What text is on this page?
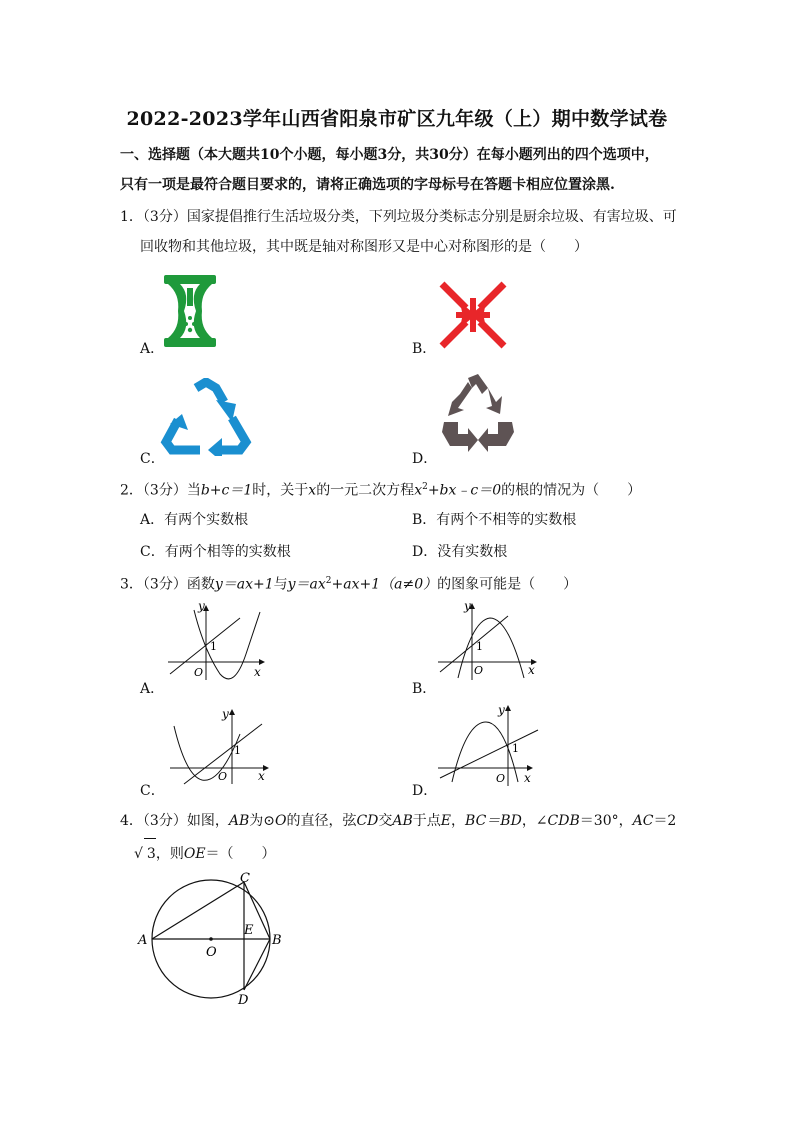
2022-2023学年山西省阳泉市矿区九年级（上）期中数学试卷
一、选择题（本大题共10个小题，每小题3分，共30分）在每小题列出的四个选项中，
只有一项是最符合题目要求的，请将正确选项的字母标号在答题卡相应位置涂黑.
1．（3分）国家提倡推行生活垃圾分类，下列垃圾分类标志分别是厨余垃圾、有害垃圾、可
回收物和其他垃圾，其中既是轴对称图形又是中心对称图形的是（　　）
A．	B．
C．	D．
2．（3分）当b+c＝1时，关于x的一元二次方程$x^2+bx﹣c=0$的根的情况为（　　）
A．有两个实数根	B．有两个不相等的实数根
C．有两个相等的实数根	D．没有实数根
3．（3分）函数y＝ax+1与$y=ax^2+ax+1(a\ne 0)$的图象可能是（　　）
A．
y
x
O
1
B．
y
x
O
1
C．
y
x
O
1
D．
y
x
O
1
4．（3分）如图，AB为⊙O的直径，弦CD交AB于点E，BC＝BD，∠CDB＝30°，AC＝2
√ 3，则OE＝（　　）
A	B
C
D
E
O
